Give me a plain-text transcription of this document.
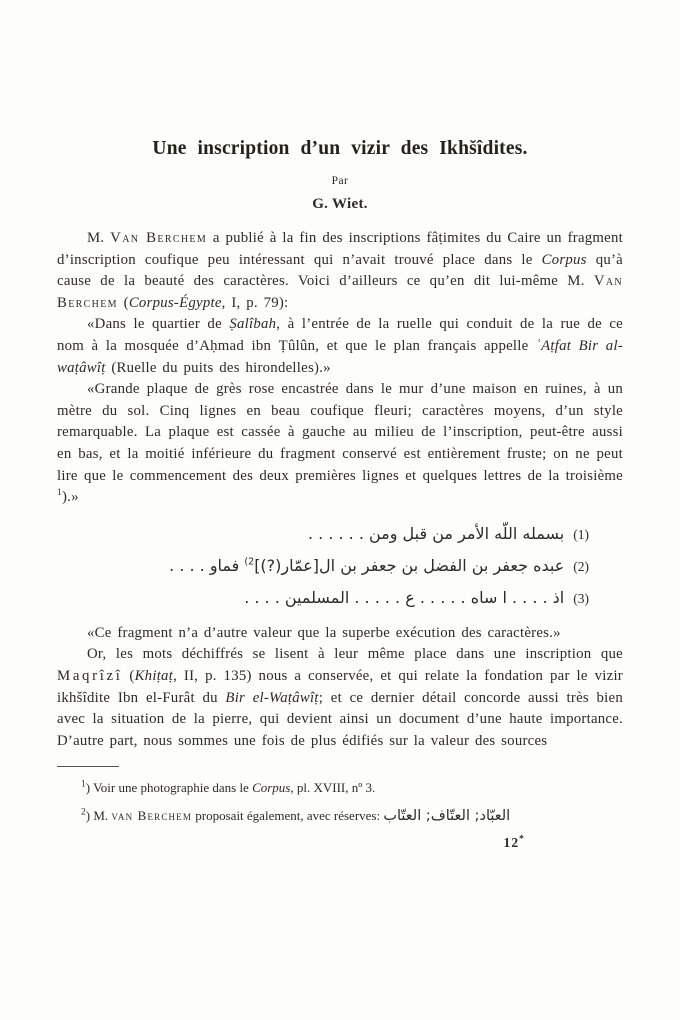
Une inscription d’un vizir des Ikhšîdites.
Par
G. Wiet.

M. Van Berchem a publié à la fin des inscriptions fâṭimites du Caire un fragment d’inscription coufique peu intéressant qui n’avait trouvé place dans le Corpus qu’à cause de la beauté des caractères. Voici d’ailleurs ce qu’en dit lui-même M. Van Berchem (Corpus-Égypte, I, p. 79):

«Dans le quartier de Ṣalîbah, à l’entrée de la ruelle qui conduit de la rue de ce nom à la mosquée d’Aḥmad ibn Ṭûlûn, et que le plan français appelle ʿAṭfat Bir al-waṭâwîṭ (Ruelle du puits des hirondelles).»

«Grande plaque de grès rose encastrée dans le mur d’une maison en ruines, à un mètre du sol. Cinq lignes en beau coufique fleuri; caractères moyens, d’un style remarquable. La plaque est cassée à gauche au milieu de l’inscription, peut-être aussi en bas, et la moitié inférieure du fragment conservé est entièrement fruste; on ne peut lire que le commencement des deux premières lignes et quelques lettres de la troisième $^1$).»

(1)بسمله اللّه الأمر من قبل ومن . . . . . .
(2)عبده جعفر بن الفضل بن جعفر بن ال[عمّار(?)]$^{(2}$ فماو . . . .
(3)اذ . . . . ا ساه . . . . . ع . . . . . المسلمين . . . .

«Ce fragment n’a d’autre valeur que la superbe exécution des caractères.»

Or, les mots déchiffrés se lisent à leur même place dans une inscription que Maqrîzî (Khiṭaṭ, II, p. 135) nous a conservée, et qui relate la fondation par le vizir ikhšîdite Ibn el-Furât du Bir el-Waṭâwîṭ; et ce dernier détail concorde aussi très bien avec la situation de la pierre, qui devient ainsi un document d’une haute importance. D’autre part, nous sommes une fois de plus édifiés sur la valeur des sources

$^1$) Voir une photographie dans le Corpus, pl. XVIII, nº 3.

$^2$) M. van Berchem proposait également, avec réserves: العبّاد; العتّاف; العتّاب

12*
